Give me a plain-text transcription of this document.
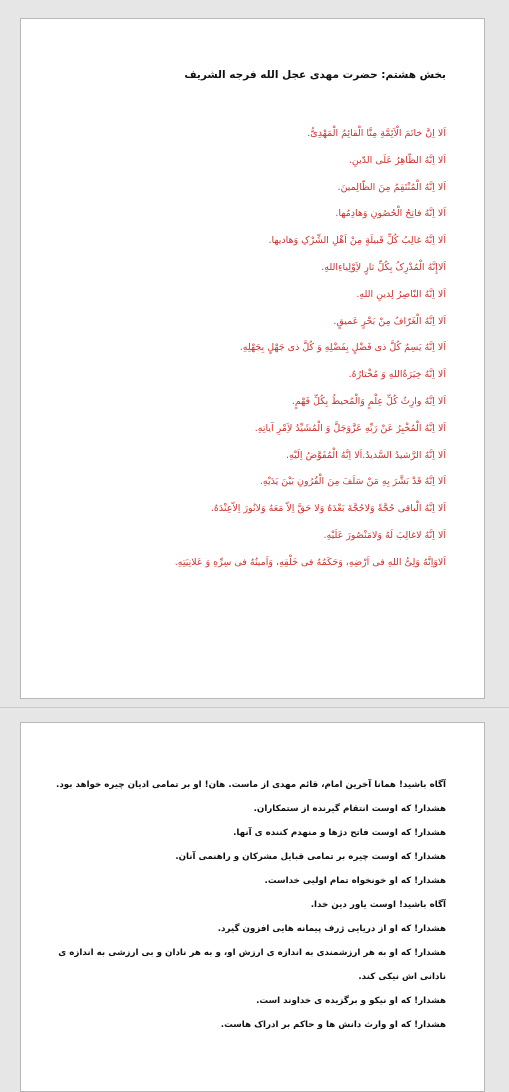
بخش هشتم: حضرت مهدی عجل الله فرجه الشریف
اَلا اِنَّ خاتَمَ الْاَئِمَّةِ مِنَّا الْقائِمُ الْمَهْدِیُّ.
اَلا اِنَّهُ الظّاهِرُ عَلَی الدّینِ.
اَلا اِنَّهُ الْمُنْتَقِمُ مِنَ الظّالِمینَ.
اَلا اِنَّهُ فاتِحُ الْحُصُونِ وَهادِمُها.
اَلا اِنَّهُ غالِبُ کُلِّ قَبیلَةٍ مِنْ اَهْلِ الشِّرْکِ وَهادیها.
اَلاإِنَّهُ الْمُدْرِکُ بِکُلِّ ثارٍ لاَِوْلِیاءِاللهِ.
اَلا اِنَّهُ النّاصِرُ لِدینِ اللهِ.
اَلا اِنَّهُ الْغَرّافُ مِنْ بَحْرٍ عَمیقٍ.
اَلا اِنَّهُ یَسِمُ کُلَّ ذی فَضْلٍ بِفَضْلِهِ وَ کُلَّ ذی جَهْلٍ بِجَهْلِهِ.
اَلا اِنَّهُ خِیَرَةُاللهِ وَ مُخْتارُهُ.
اَلا اِنَّهُ وارِثُ کُلِّ عِلْمٍ وَالْمُحیطُ بِکُلِّ فَهْمٍ.
اَلا اِنَّهُ الْمُخْبِرُ عَنْ رَبِّهِ عَزَّوَجَلَّ وَ الْمُشَیِّدُ لاَِمْرِ آیاتِهِ.
اَلا اِنَّهُ الرَّشیدُ السَّدیدُ.اَلا اِنَّهُ الْمُفَوَّضُ اِلَیْهِ.
اَلا اِنَّهُ قَدْ بَشَّرَ بِهِ مَنْ سَلَفَ مِنَ الْقُرُونِ بَیْنَ یَدَیْهِ.
اَلا اِنَّهُ الْباقی حُجَّةً وَلاحُجَّةَ بَعْدَهُ وَلا حَقَّ اِلاّ مَعَهُ وَلانُورَ اِلاّعِنْدَهُ.
اَلا اِنَّهُ لاغالِبَ لَهُ وَلامَنْصُورَ عَلَیْهِ.
اَلاوَاِنَّهُ وَلِیُّ اللهِ فی اَرْضِهِ، وَحَکَمُهُ فی خَلْقِهِ، وَاَمینُهُ فی سِرِّهِ وَ عَلانِیَتِهِ.
آگاه باشید! همانا آخرین امام، قائم مهدی از ماست. هان! او بر تمامی ادیان چیره خواهد بود.
هشدار! که اوست انتقام گیرنده از ستمکاران.
هشدار! که اوست فاتح دژها و منهدم کننده ی آنها.
هشدار! که اوست چیره بر تمامی قبایل مشرکان و راهنمی آنان.
هشدار! که او خونخواه تمام اولیی خداست.
آگاه باشید! اوست یاور دین خدا.
هشدار! که او از دریایی ژرف پیمانه هایی افزون گیرد.
هشدار! که او به هر ارزشمندی به اندازه ی ارزش او، و به هر نادان و بی ارزشی به اندازه ی نادانی اش نیکی کند.
هشدار! که او نیکو و برگزیده ی خداوند است.
هشدار! که او وارث دانش ها و حاکم بر ادراک هاست.
